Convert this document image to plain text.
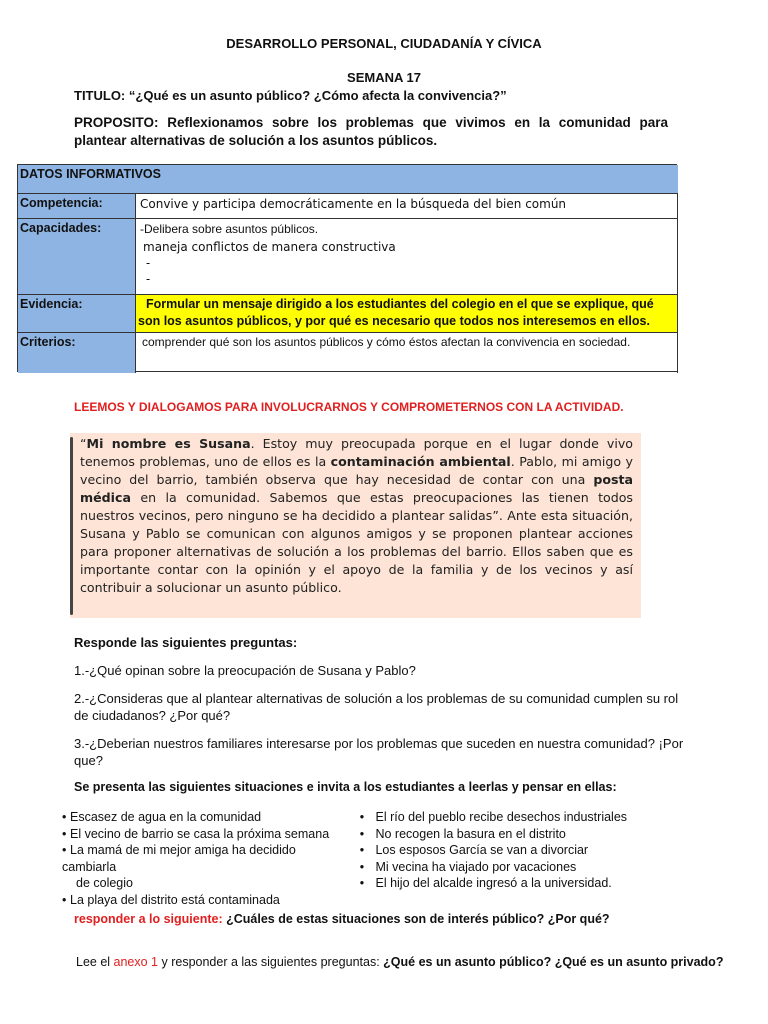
DESARROLLO PERSONAL, CIUDADANÍA Y CÍVICA
SEMANA 17
TITULO: “¿Qué es un asunto público? ¿Cómo afecta la convivencia?”
PROPOSITO: Reflexionamos sobre los problemas que vivimos en la comunidad para plantear alternativas de solución a los asuntos públicos.
DATOS INFORMATIVOS
Competencia:	Convive y participa democráticamente en la búsqueda del bien común
Capacidades:	-Delibera sobre asuntos públicos.
maneja conflictos de manera constructiva
-
-
Evidencia:	Formular un mensaje dirigido a los estudiantes del colegio en el que se explique, qué son los asuntos públicos, y por qué es necesario que todos nos interesemos en ellos.
Criterios:	comprender qué son los asuntos públicos y cómo éstos afectan la convivencia en sociedad.
LEEMOS Y DIALOGAMOS PARA INVOLUCRARNOS Y COMPROMETERNOS CON LA ACTIVIDAD.
“Mi nombre es Susana. Estoy muy preocupada porque en el lugar donde vivo tenemos problemas, uno de ellos es la contaminación ambiental. Pablo, mi amigo y vecino del barrio, también observa que hay necesidad de contar con una posta médica en la comunidad. Sabemos que estas preocupaciones las tienen todos nuestros vecinos, pero ninguno se ha decidido a plantear salidas”. Ante esta situación, Susana y Pablo se comunican con algunos amigos y se proponen plantear acciones para proponer alternativas de solución a los problemas del barrio. Ellos saben que es importante contar con la opinión y el apoyo de la familia y de los vecinos y así contribuir a solucionar un asunto público.
Responde las siguientes preguntas:
1.-¿Qué opinan sobre la preocupación de Susana y Pablo?
2.-¿Consideras que al plantear alternativas de solución a los problemas de su comunidad cumplen su rol de ciudadanos? ¿Por qué?
3.-¿Deberian nuestros familiares interesarse por los problemas que suceden en nuestra comunidad? ¡Por que?
Se presenta las siguientes situaciones e invita a los estudiantes a leerlas y pensar en ellas:
• Escasez de agua en la comunidad
• El vecino de barrio se casa la próxima semana
• La mamá de mi mejor amiga ha decidido cambiarla
de colegio
• La playa del distrito está contaminada
• El río del pueblo recibe desechos industriales
• No recogen la basura en el distrito
• Los esposos García se van a divorciar
• Mi vecina ha viajado por vacaciones
• El hijo del alcalde ingresó a la universidad.
responder a lo siguiente: ¿Cuáles de estas situaciones son de interés público? ¿Por qué?
Lee el anexo 1 y responder a las siguientes preguntas: ¿Qué es un asunto público? ¿Qué es un asunto privado?
